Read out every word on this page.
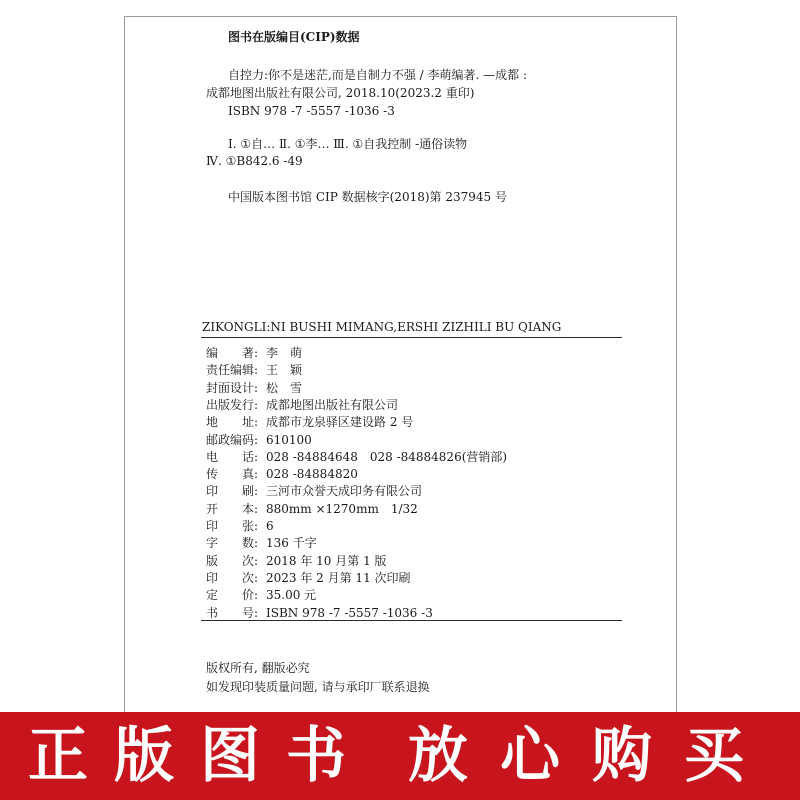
图书在版编目(CIP)数据
自控力:你不是迷茫,而是自制力不强 / 李萌编著. —成都 :
成都地图出版社有限公司, 2018.10(2023.2 重印)
ISBN 978 -7 -5557 -1036 -3
Ⅰ. ①自… Ⅱ. ①李… Ⅲ. ①自我控制 -通俗读物
Ⅳ. ①B842.6 -49
中国版本图书馆 CIP 数据核字(2018)第 237945 号
ZIKONGLI:NI BUSHI MIMANG,ERSHI ZIZHILI BU QIANG
编　　著: 李　萌
责任编辑: 王　颖
封面设计: 松　雪
出版发行: 成都地图出版社有限公司
地　　址: 成都市龙泉驿区建设路 2 号
邮政编码: 610100
电　　话: 028 -84884648　028 -84884826(营销部)
传　　真: 028 -84884820
印　　刷: 三河市众誉天成印务有限公司
开　　本: 880mm ×1270mm　1/32
印　　张: 6
字　　数: 136 千字
版　　次: 2018 年 10 月第 1 版
印　　次: 2023 年 2 月第 11 次印刷
定　　价: 35.00 元
书　　号: ISBN 978 -7 -5557 -1036 -3
版权所有, 翻版必究
如发现印装质量问题, 请与承印厂联系退换
正 版 图 书 放 心 购 买
